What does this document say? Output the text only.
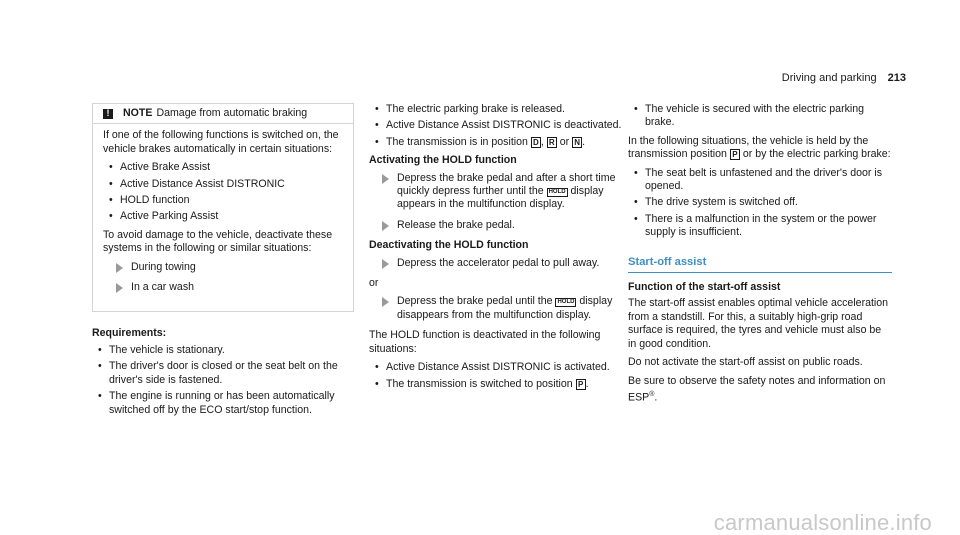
Driving and parking 213
!	NOTE Damage from automatic braking

If one of the following functions is switched on, the vehicle brakes automatically in certain situations:

• Active Brake Assist
• Active Distance Assist DISTRONIC
• HOLD function
• Active Parking Assist

To avoid damage to the vehicle, deactivate these systems in the following or similar situations:

During towing
In a car wash
Requirements:
• The vehicle is stationary.
• The driver's door is closed or the seat belt on the driver's side is fastened.
• The engine is running or has been automatically switched off by the ECO start/stop function.
• The electric parking brake is released.
• Active Distance Assist DISTRONIC is deactivated.
• The transmission is in position D , R or N .
Activating the HOLD function
Depress the brake pedal and after a short time quickly depress further until the HOLD display appears in the multifunction display.
Release the brake pedal.
Deactivating the HOLD function
Depress the accelerator pedal to pull away.

or

Depress the brake pedal until the HOLD display disappears from the multifunction display.

The HOLD function is deactivated in the following situations:

• Active Distance Assist DISTRONIC is activated.
• The transmission is switched to position P .
• The vehicle is secured with the electric parking brake.

In the following situations, the vehicle is held by the transmission position P or by the electric parking brake:

• The seat belt is unfastened and the driver's door is opened.
• The drive system is switched off.
• There is a malfunction in the system or the power supply is insufficient.
Start-off assist
Function of the start-off assist

The start-off assist enables optimal vehicle acceleration from a standstill. For this, a suitably high-grip road surface is required, the tyres and vehicle must also be in good condition.

Do not activate the start-off assist on public roads.

Be sure to observe the safety notes and information on ESP®.

carmanualsonline.info
